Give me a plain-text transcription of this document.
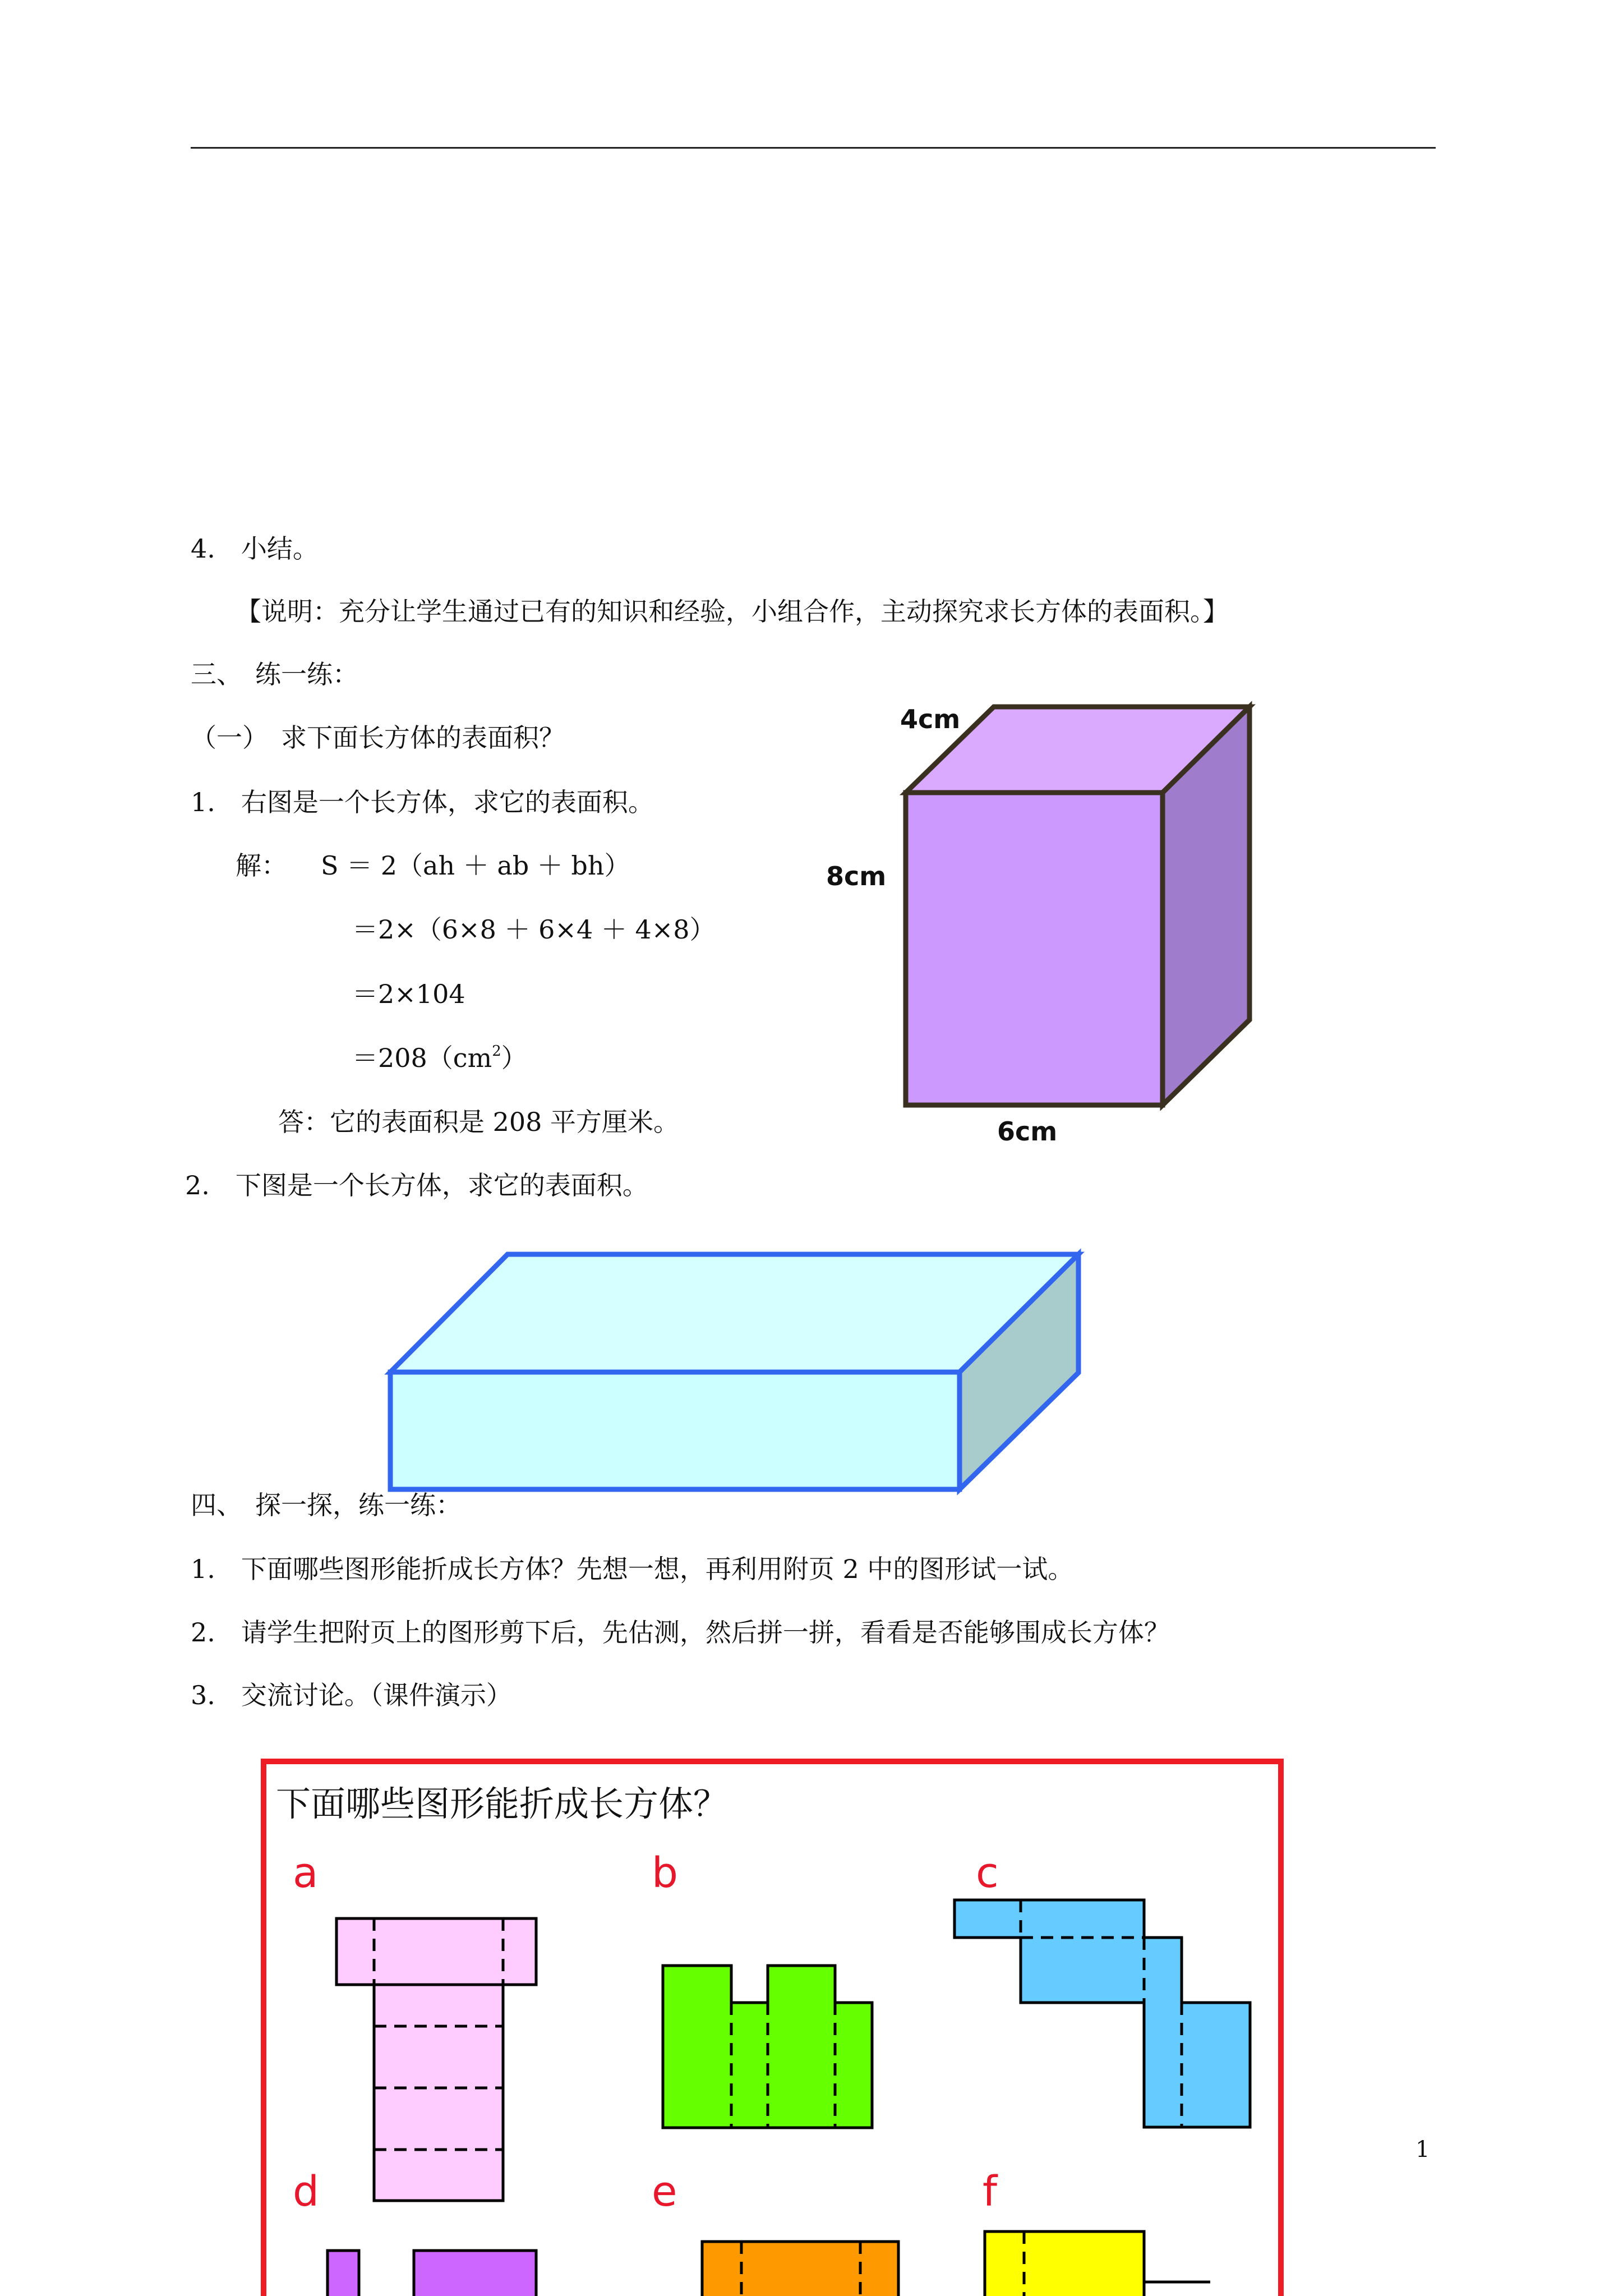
4.　小结。
【说明：充分让学生通过已有的知识和经验，小组合作，主动探究求长方体的表面积。】
三、　练一练：
（一）　求下面长方体的表面积？
1.　右图是一个长方体，求它的表面积。
解： S ＝ 2（ah ＋ ab ＋ bh）
＝2×（6×8 ＋ 6×4 ＋ 4×8）
＝2×104
$=208(cm^2)$
答：它的表面积是 208 平方厘米。
2.　下图是一个长方体，求它的表面积。
四、　探一探，练一练：
1.　下面哪些图形能折成长方体？先想一想，再利用附页 2 中的图形试一试。
2.　请学生把附页上的图形剪下后，先估测，然后拼一拼，看看是否能够围成长方体？
3.　交流讨论。（课件演示）
4cm
8cm
6cm
下面哪些图形能折成长方体？
a	b	c
d	e	f
1
